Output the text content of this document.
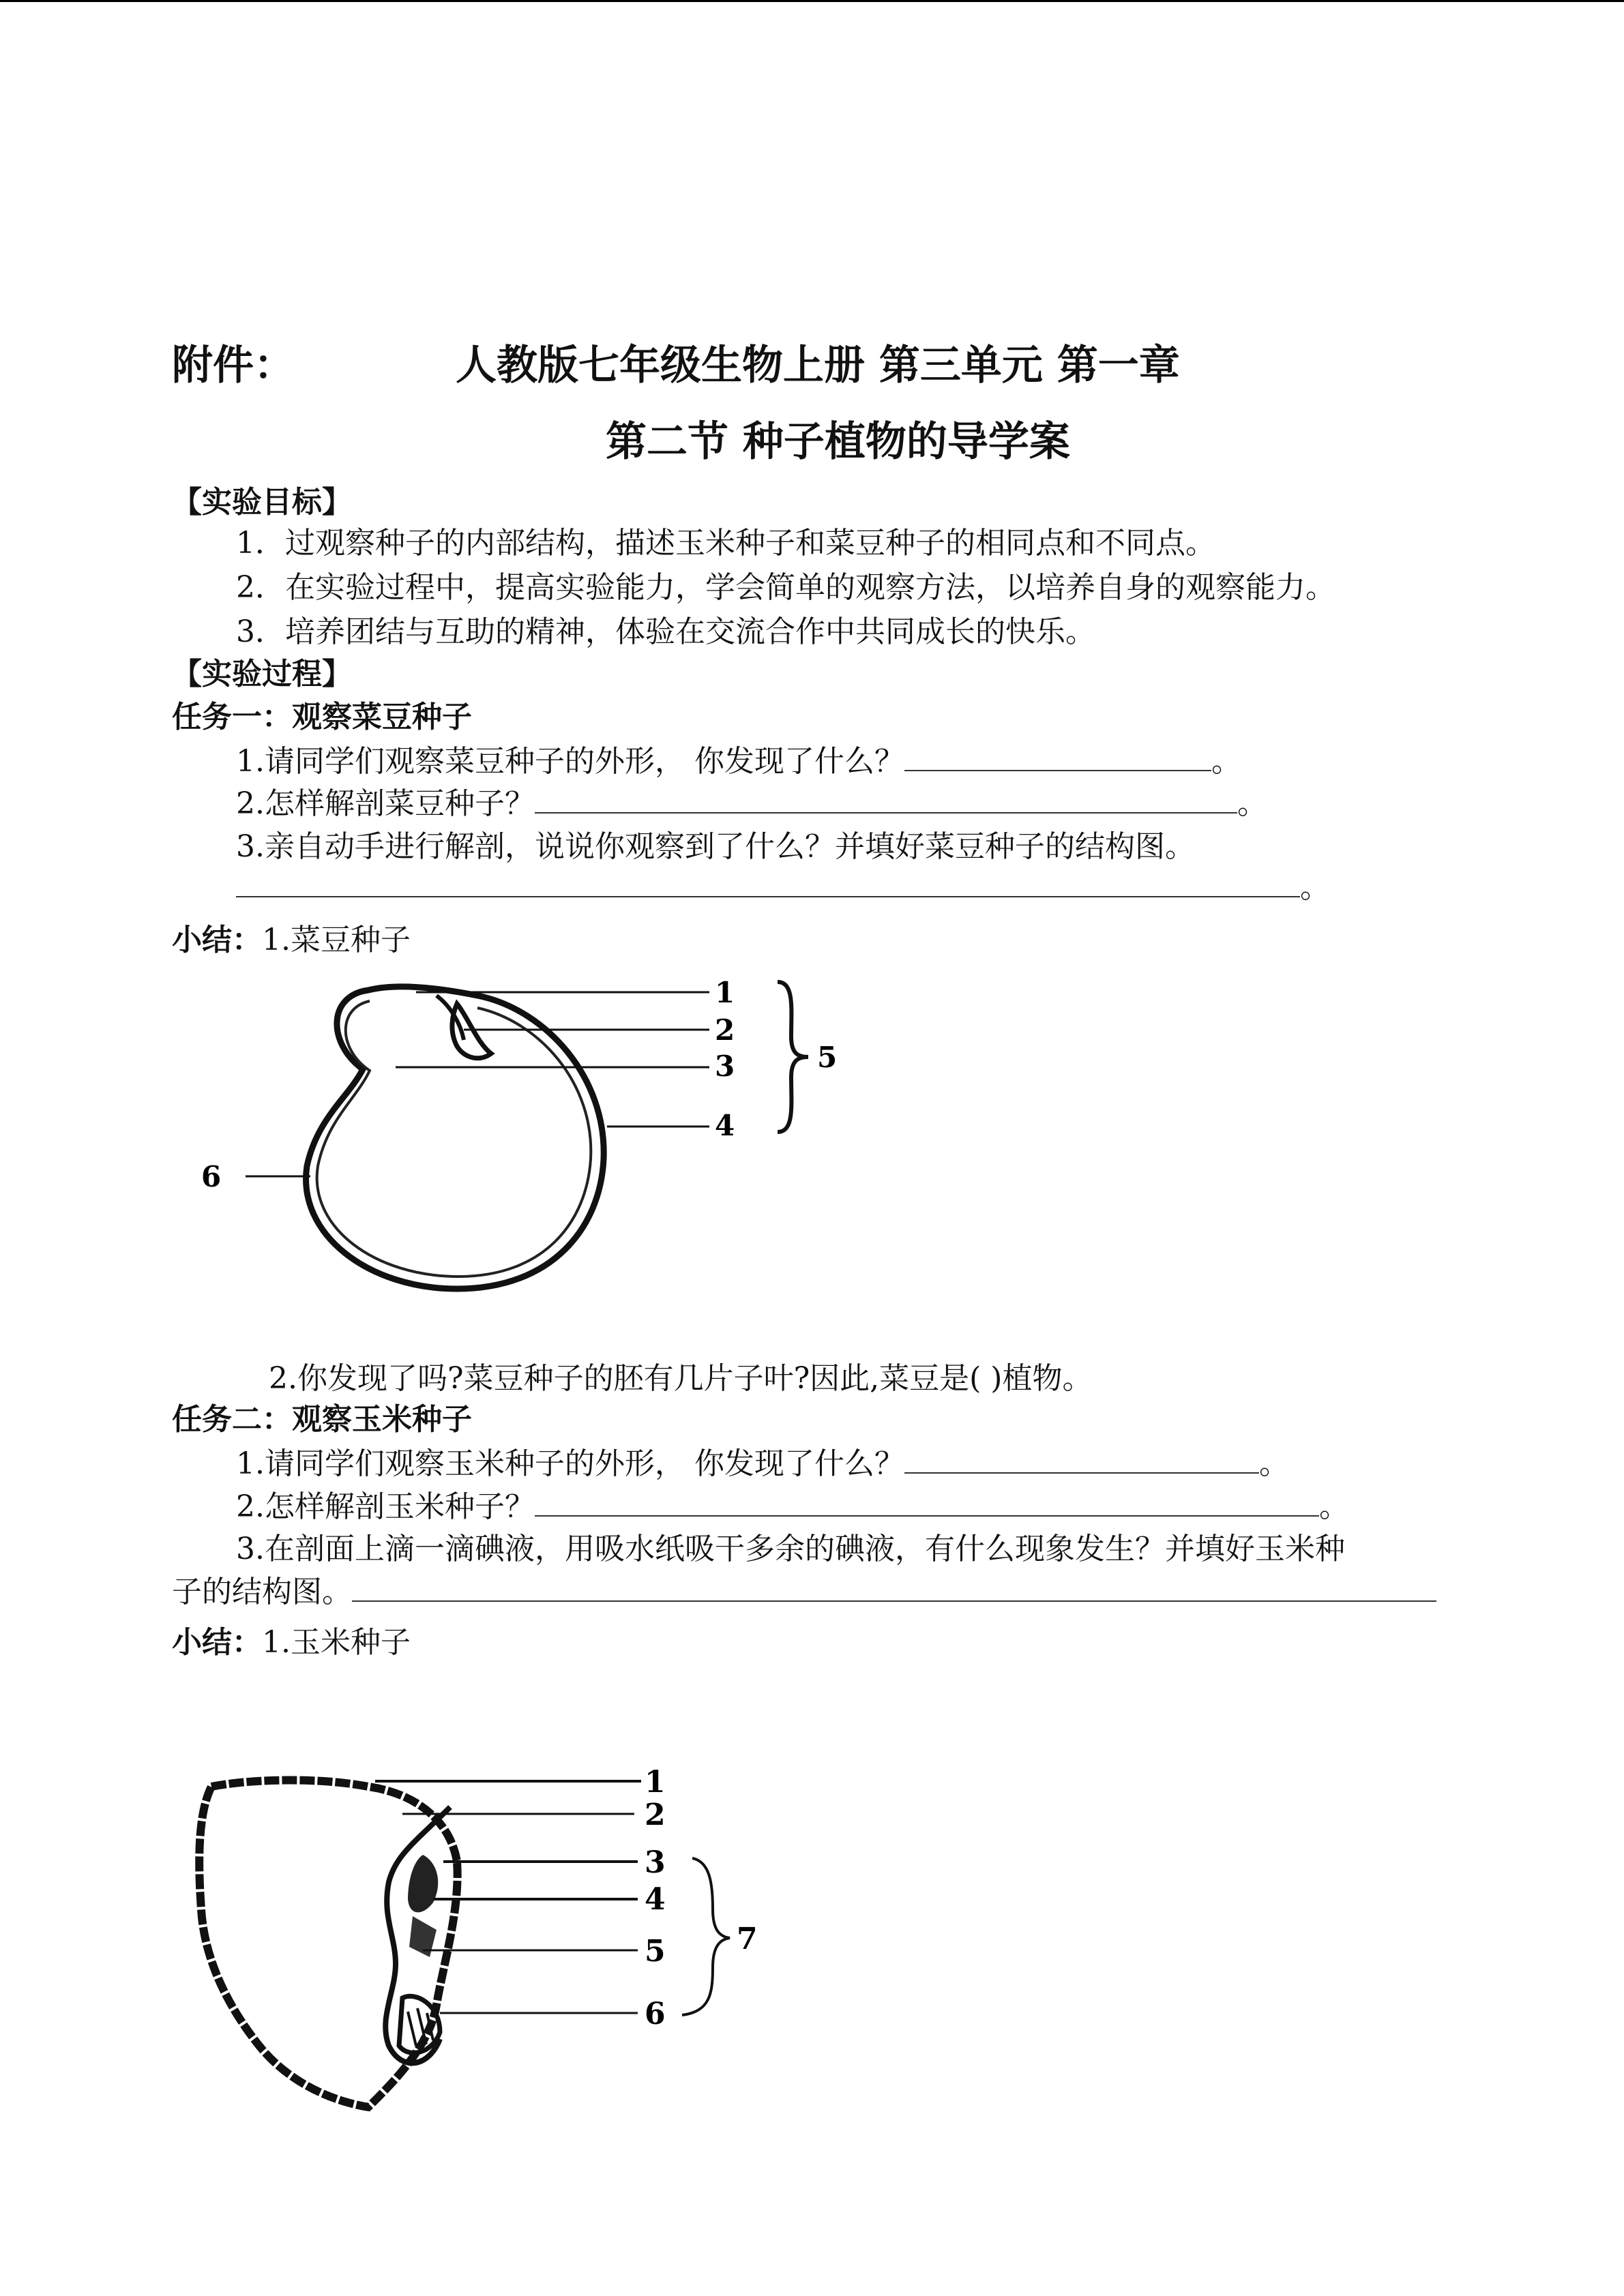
附件：	人教版七年级生物上册 第三单元 第一章
第二节 种子植物的导学案
【实验目标】
1．过观察种子的内部结构，描述玉米种子和菜豆种子的相同点和不同点。
2．在实验过程中，提高实验能力，学会简单的观察方法，以培养自身的观察能力。
3．培养团结与互助的精神，体验在交流合作中共同成长的快乐。
【实验过程】
任务一：观察菜豆种子
1.请同学们观察菜豆种子的外形， 你发现了什么？	。
2.怎样解剖菜豆种子？	。
3.亲自动手进行解剖，说说你观察到了什么？并填好菜豆种子的结构图。
。
小结：1.菜豆种子
1
2
3
4
5
6
2.你发现了吗?菜豆种子的胚有几片子叶?因此,菜豆是( )植物。
任务二：观察玉米种子
1.请同学们观察玉米种子的外形， 你发现了什么？	。
2.怎样解剖玉米种子？	。
3.在剖面上滴一滴碘液，用吸水纸吸干多余的碘液，有什么现象发生？并填好玉米种
子的结构图。
小结：1.玉米种子
1
2
3
4
5
6
7
